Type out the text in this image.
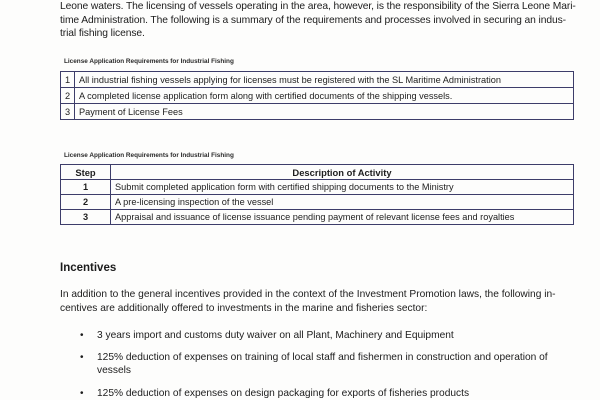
Leone waters. The licensing of vessels operating in the area, however, is the responsibility of the Sierra Leone Mari-
time Administration. The following is a summary of the requirements and processes involved in securing an indus-
trial fishing license.
License Application Requirements for Industrial Fishing
1	All industrial fishing vessels applying for licenses must be registered with the SL Maritime Administration
2	A completed license application form along with certified documents of the shipping vessels.
3	Payment of License Fees
License Application Requirements for Industrial Fishing
Step	Description of Activity
1	Submit completed application form with certified shipping documents to the Ministry
2	A pre-licensing inspection of the vessel
3	Appraisal and issuance of license issuance pending payment of relevant license fees and royalties
Incentives
In addition to the general incentives provided in the context of the Investment Promotion laws, the following in-
centives are additionally offered to investments in the marine and fisheries sector:
• 3 years import and customs duty waiver on all Plant, Machinery and Equipment
• 125% deduction of expenses on training of local staff and fishermen in construction and operation of
vessels
• 125% deduction of expenses on design packaging for exports of fisheries products
